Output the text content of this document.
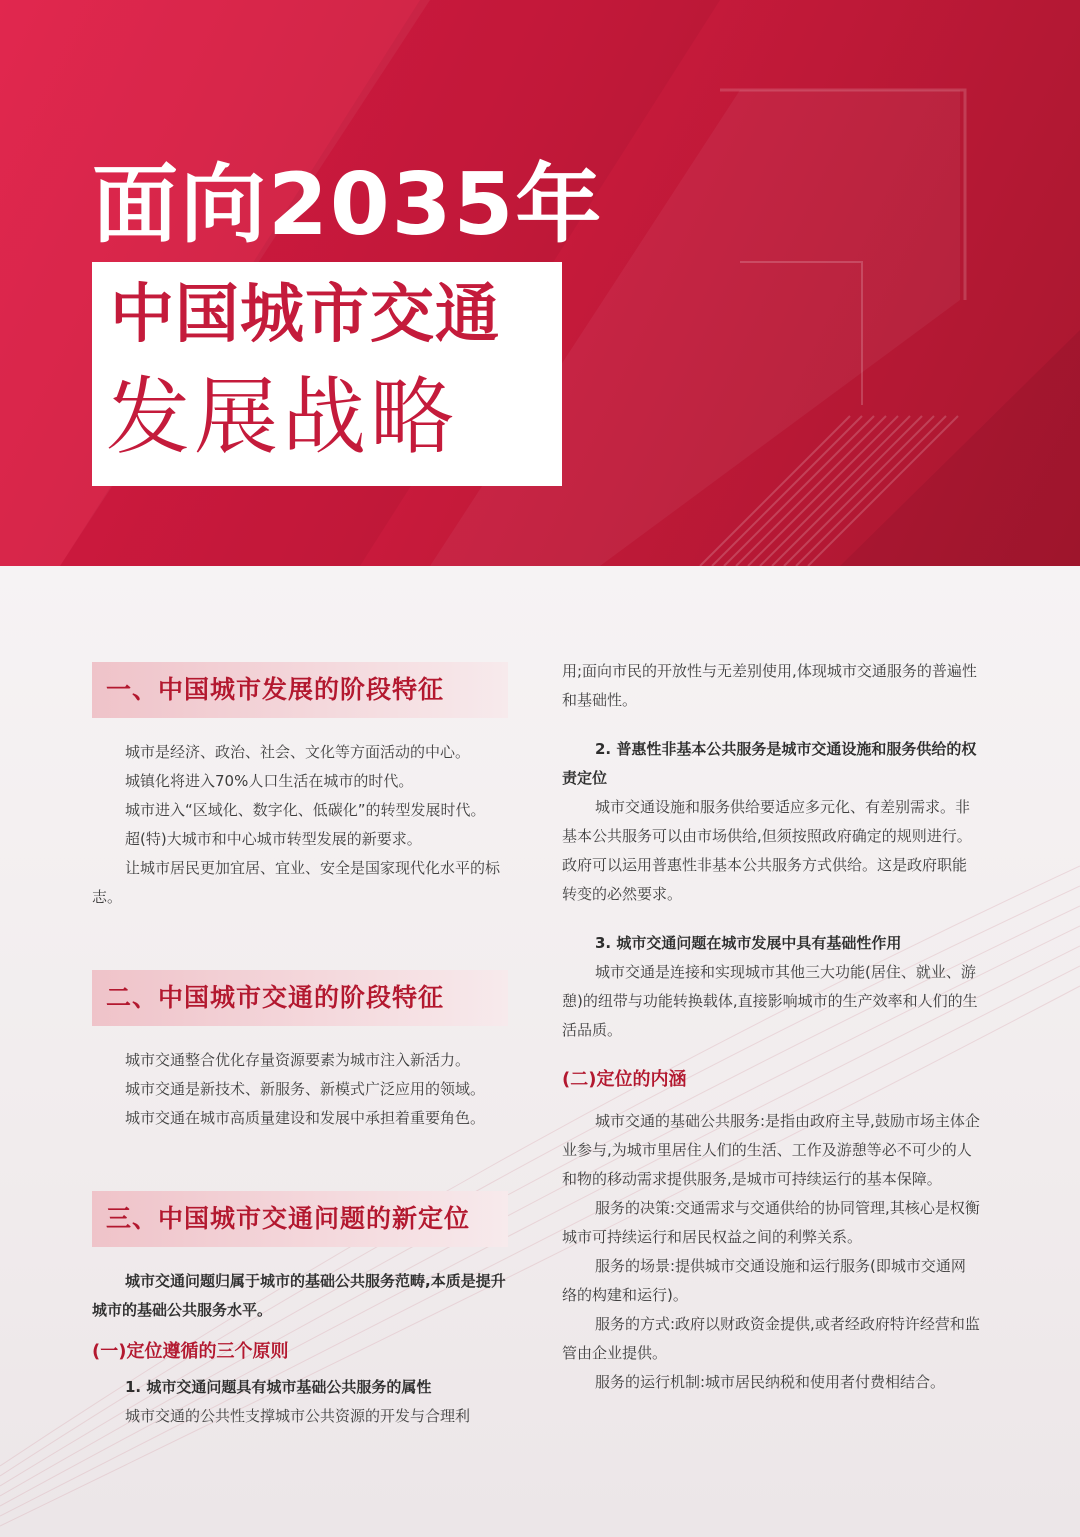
面向2035年

中国城市交通

发展战略

一、中国城市发展的阶段特征

城市是经济、政治、社会、文化等方面活动的中心。

城镇化将进入70%人口生活在城市的时代。

城市进入“区域化、数字化、低碳化”的转型发展时代。

超(特)大城市和中心城市转型发展的新要求。

让城市居民更加宜居、宜业、安全是国家现代化水平的标志。

二、中国城市交通的阶段特征

城市交通整合优化存量资源要素为城市注入新活力。

城市交通是新技术、新服务、新模式广泛应用的领域。

城市交通在城市高质量建设和发展中承担着重要角色。

三、中国城市交通问题的新定位

城市交通问题归属于城市的基础公共服务范畴,本质是提升城市的基础公共服务水平。

(一)定位遵循的三个原则

1. 城市交通问题具有城市基础公共服务的属性

城市交通的公共性支撑城市公共资源的开发与合理利

用;面向市民的开放性与无差别使用,体现城市交通服务的普遍性和基础性。

2. 普惠性非基本公共服务是城市交通设施和服务供给的权责定位

城市交通设施和服务供给要适应多元化、有差别需求。非基本公共服务可以由市场供给,但须按照政府确定的规则进行。政府可以运用普惠性非基本公共服务方式供给。这是政府职能转变的必然要求。

3. 城市交通问题在城市发展中具有基础性作用

城市交通是连接和实现城市其他三大功能(居住、就业、游憩)的纽带与功能转换载体,直接影响城市的生产效率和人们的生活品质。

(二)定位的内涵

城市交通的基础公共服务:是指由政府主导,鼓励市场主体企业参与,为城市里居住人们的生活、工作及游憩等必不可少的人和物的移动需求提供服务,是城市可持续运行的基本保障。

服务的决策:交通需求与交通供给的协同管理,其核心是权衡城市可持续运行和居民权益之间的利弊关系。

服务的场景:提供城市交通设施和运行服务(即城市交通网络的构建和运行)。

服务的方式:政府以财政资金提供,或者经政府特许经营和监管由企业提供。

服务的运行机制:城市居民纳税和使用者付费相结合。
